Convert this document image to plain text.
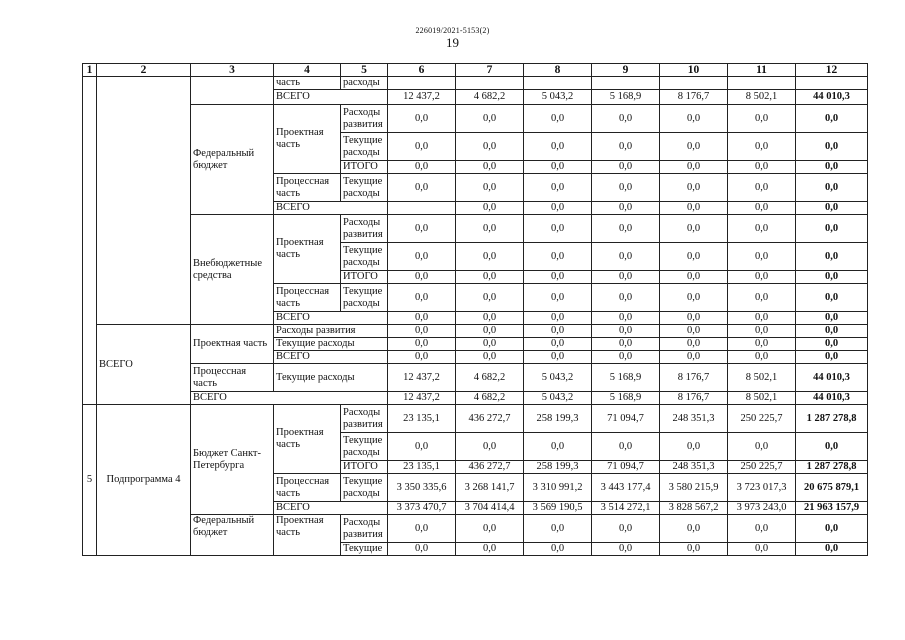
226019/2021-5153(2)
19
1	2	3	4	5	6	7	8	9	10	11	12
			часть	расходы							
			ВСЕГО		12 437,2	4 682,2	5 043,2	5 168,9	8 176,7	8 502,1	44 010,3
		Федеральный бюджет	Проектная часть	Расходы развития	0,0	0,0	0,0	0,0	0,0	0,0	0,0
				Текущие расходы	0,0	0,0	0,0	0,0	0,0	0,0	0,0
				ИТОГО	0,0	0,0	0,0	0,0	0,0	0,0	0,0
			Процессная часть	Текущие расходы	0,0	0,0	0,0	0,0	0,0	0,0	0,0
			ВСЕГО			0,0	0,0	0,0	0,0	0,0	0,0
		Внебюджетные средства	Проектная часть	Расходы развития	0,0	0,0	0,0	0,0	0,0	0,0	0,0
				Текущие расходы	0,0	0,0	0,0	0,0	0,0	0,0	0,0
				ИТОГО	0,0	0,0	0,0	0,0	0,0	0,0	0,0
			Процессная часть	Текущие расходы	0,0	0,0	0,0	0,0	0,0	0,0	0,0
			ВСЕГО		0,0	0,0	0,0	0,0	0,0	0,0	0,0
	ВСЕГО	Проектная часть	Расходы развития		0,0	0,0	0,0	0,0	0,0	0,0	0,0
			Текущие расходы		0,0	0,0	0,0	0,0	0,0	0,0	0,0
			ВСЕГО		0,0	0,0	0,0	0,0	0,0	0,0	0,0
		Процессная часть	Текущие расходы		12 437,2	4 682,2	5 043,2	5 168,9	8 176,7	8 502,1	44 010,3
		ВСЕГО			12 437,2	4 682,2	5 043,2	5 168,9	8 176,7	8 502,1	44 010,3
5	Подпрограмма 4	Бюджет Санкт-Петербурга	Проектная часть	Расходы развития	23 135,1	436 272,7	258 199,3	71 094,7	248 351,3	250 225,7	1 287 278,8
				Текущие расходы	0,0	0,0	0,0	0,0	0,0	0,0	0,0
				ИТОГО	23 135,1	436 272,7	258 199,3	71 094,7	248 351,3	250 225,7	1 287 278,8
			Процессная часть	Текущие расходы	3 350 335,6	3 268 141,7	3 310 991,2	3 443 177,4	3 580 215,9	3 723 017,3	20 675 879,1
			ВСЕГО		3 373 470,7	3 704 414,4	3 569 190,5	3 514 272,1	3 828 567,2	3 973 243,0	21 963 157,9
		Федеральный бюджет	Проектная часть	Расходы развития	0,0	0,0	0,0	0,0	0,0	0,0	0,0
				Текущие	0,0	0,0	0,0	0,0	0,0	0,0	0,0
